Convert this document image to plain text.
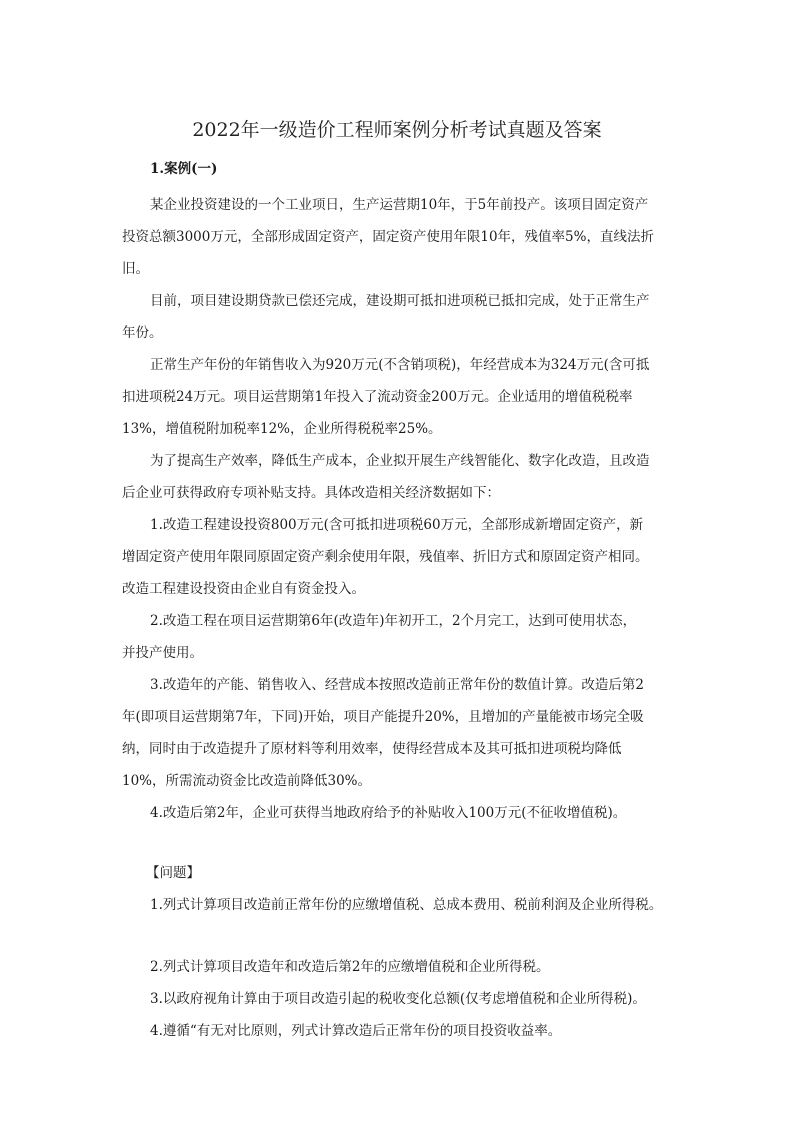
2022年一级造价工程师案例分析考试真题及答案
1.案例(一)
某企业投资建设的一个工业项日，生产运营期10年，于5年前投产。该项目固定资产
投资总额3000万元，全部形成固定资产，固定资产使用年限10年，残值率5%，直线法折
旧。
目前，项目建设期贷款已偿还完成，建设期可抵扣进项税已抵扣完成，处于正常生产
年份。
正常生产年份的年销售收入为920万元(不含销项税)，年经营成本为324万元(含可抵
扣进项税24万元。项目运营期第1年投入了流动资金200万元。企业适用的增值税税率
13%，增值税附加税率12%，企业所得税税率25%。
为了提高生产效率，降低生产成本，企业拟开展生产线智能化、数字化改造，且改造
后企业可获得政府专项补贴支持。具体改造相关经济数据如下：
1.改造工程建设投资800万元(含可抵扣进项税60万元，全部形成新增固定资产，新
增固定资产使用年限同原固定资产剩余使用年限，残值率、折旧方式和原固定资产相同。
改造工程建设投资由企业自有资金投入。
2.改造工程在项目运营期第6年(改造年)年初开工，2个月完工，达到可使用状态，
并投产使用。
3.改造年的产能、销售收入、经营成本按照改造前正常年份的数值计算。改造后第2
年(即项目运营期第7年，下同)开始，项目产能提升20%，且增加的产量能被市场完全吸
纳，同时由于改造提升了原材料等利用效率，使得经营成本及其可抵扣进项税均降低
10%，所需流动资金比改造前降低30%。
4.改造后第2年，企业可获得当地政府给予的补贴收入100万元(不征收增值税)。
【问题】
1.列式计算项目改造前正常年份的应缴增值税、总成本费用、税前利润及企业所得税。
2.列式计算项目改造年和改造后第2年的应缴增值税和企业所得税。
3.以政府视角计算由于项目改造引起的税收变化总额(仅考虑增值税和企业所得税)。
4.遵循“有无对比原则，列式计算改造后正常年份的项目投资收益率。
